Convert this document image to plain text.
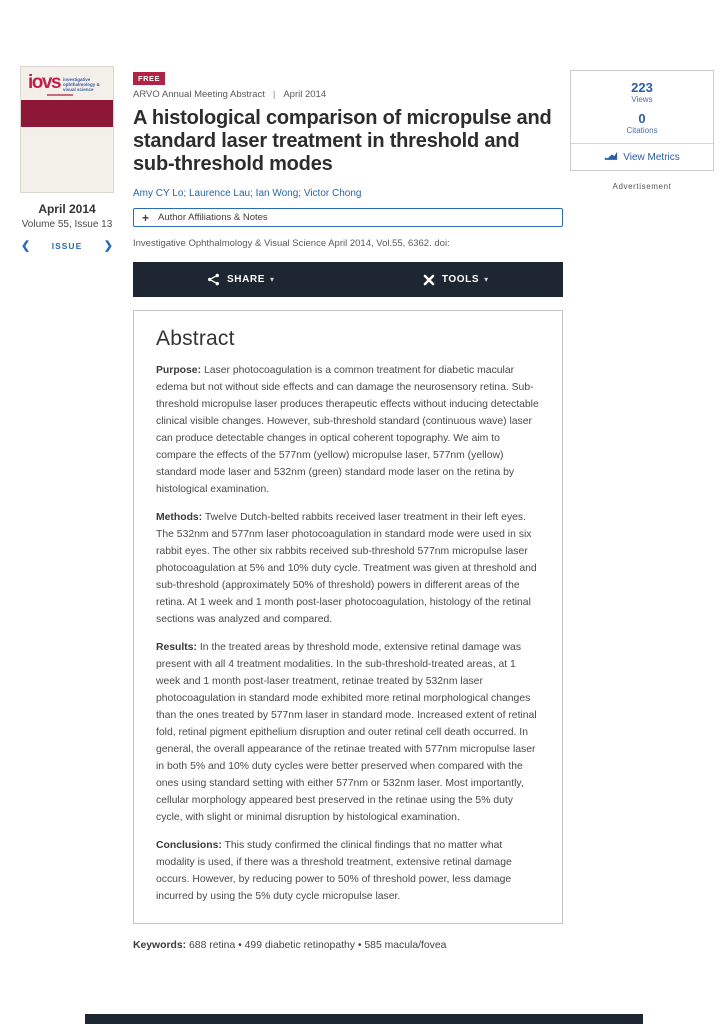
iovs investigative ophthalmology & visual science
April 2014
Volume 55, Issue 13
❮	ISSUE ❯
FREE
ARVO Annual Meeting Abstract | April 2014
A histological comparison of micropulse and standard laser treatment in threshold and sub-threshold modes
Amy CY Lo; Laurence Lau; Ian Wong; Victor Chong
+ Author Affiliations & Notes
Investigative Ophthalmology & Visual Science April 2014, Vol.55, 6362. doi:
SHARE ▾	TOOLS ▾
Abstract

Purpose: Laser photocoagulation is a common treatment for diabetic macular edema but not without side effects and can damage the neurosensory retina. Sub-threshold micropulse laser produces therapeutic effects without inducing detectable clinical visible changes. However, sub-threshold standard (continuous wave) laser can produce detectable changes in optical coherent topography. We aim to compare the effects of the 577nm (yellow) micropulse laser, 577nm (yellow) standard mode laser and 532nm (green) standard mode laser on the retina by histological examination.

Methods: Twelve Dutch-belted rabbits received laser treatment in their left eyes. The 532nm and 577nm laser photocoagulation in standard mode were used in six rabbit eyes. The other six rabbits received sub-threshold 577nm micropulse laser photocoagulation at 5% and 10% duty cycle. Treatment was given at threshold and sub-threshold (approximately 50% of threshold) powers in different areas of the retina. At 1 week and 1 month post-laser photocoagulation, histology of the retinal sections was analyzed and compared.

Results: In the treated areas by threshold mode, extensive retinal damage was present with all 4 treatment modalities. In the sub-threshold-treated areas, at 1 week and 1 month post-laser treatment, retinae treated by 532nm laser photocoagulation in standard mode exhibited more retinal morphological changes than the ones treated by 577nm laser in standard mode. Increased extent of retinal fold, retinal pigment epithelium disruption and outer retinal cell death occurred. In general, the overall appearance of the retinae treated with 577nm micropulse laser in both 5% and 10% duty cycles were better preserved when compared with the ones using standard setting with either 577nm or 532nm laser. Most importantly, cellular morphology appeared best preserved in the retinae using the 5% duty cycle, with slight or minimal disruption by histological examination.

Conclusions: This study confirmed the clinical findings that no matter what modality is used, if there was a threshold treatment, extensive retinal damage occurs. However, by reducing power to 50% of threshold power, less damage incurred by using the 5% duty cycle micropulse laser.

Keywords: 688 retina • 499 diabetic retinopathy • 585 macula/fovea
223
Views
0
Citations
View Metrics
Advertisement
